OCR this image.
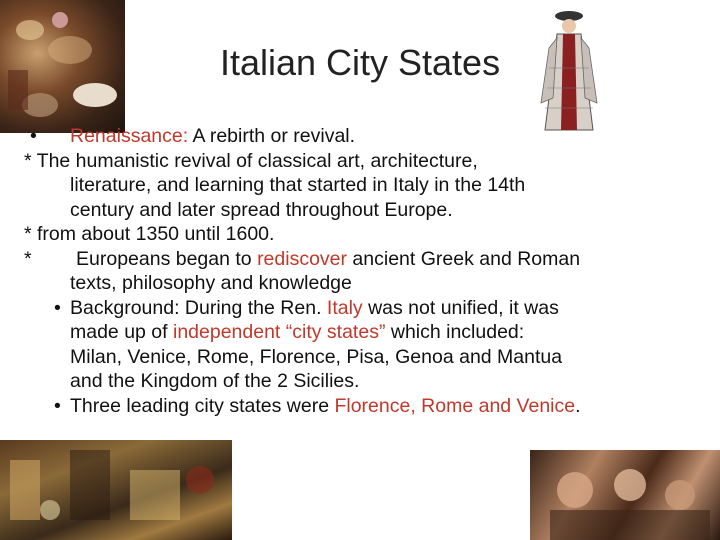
Italian City States
• Renaissance: A rebirth or revival.
* The humanistic revival of classical art, architecture,
literature, and learning that started in Italy in the 14th
century and later spread throughout Europe.
* from about 1350 until 1600.
* Europeans began to rediscover ancient Greek and Roman
texts, philosophy and knowledge
• Background: During the Ren. Italy was not unified, it was
made up of independent “city states” which included:
Milan, Venice, Rome, Florence, Pisa, Genoa and Mantua
and the Kingdom of the 2 Sicilies.
• Three leading city states were Florence, Rome and Venice.
